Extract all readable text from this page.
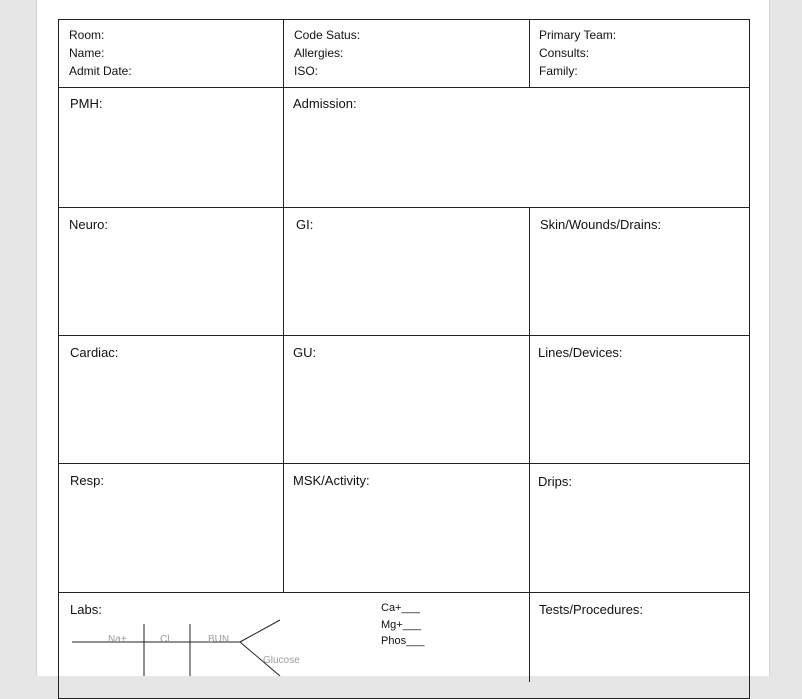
Room:
Name:
Admit Date:
Code Satus:
Allergies:
ISO:
Primary Team:
Consults:
Family:
PMH:	Admission:
Neuro:	GI:	Skin/Wounds/Drains:
Cardiac:	GU:	Lines/Devices:
Resp:	MSK/Activity:	Drips:
Labs:	Tests/Procedures:
Ca+___
Mg+___
Phos___
Na+	Cl	BUN
Glucose
